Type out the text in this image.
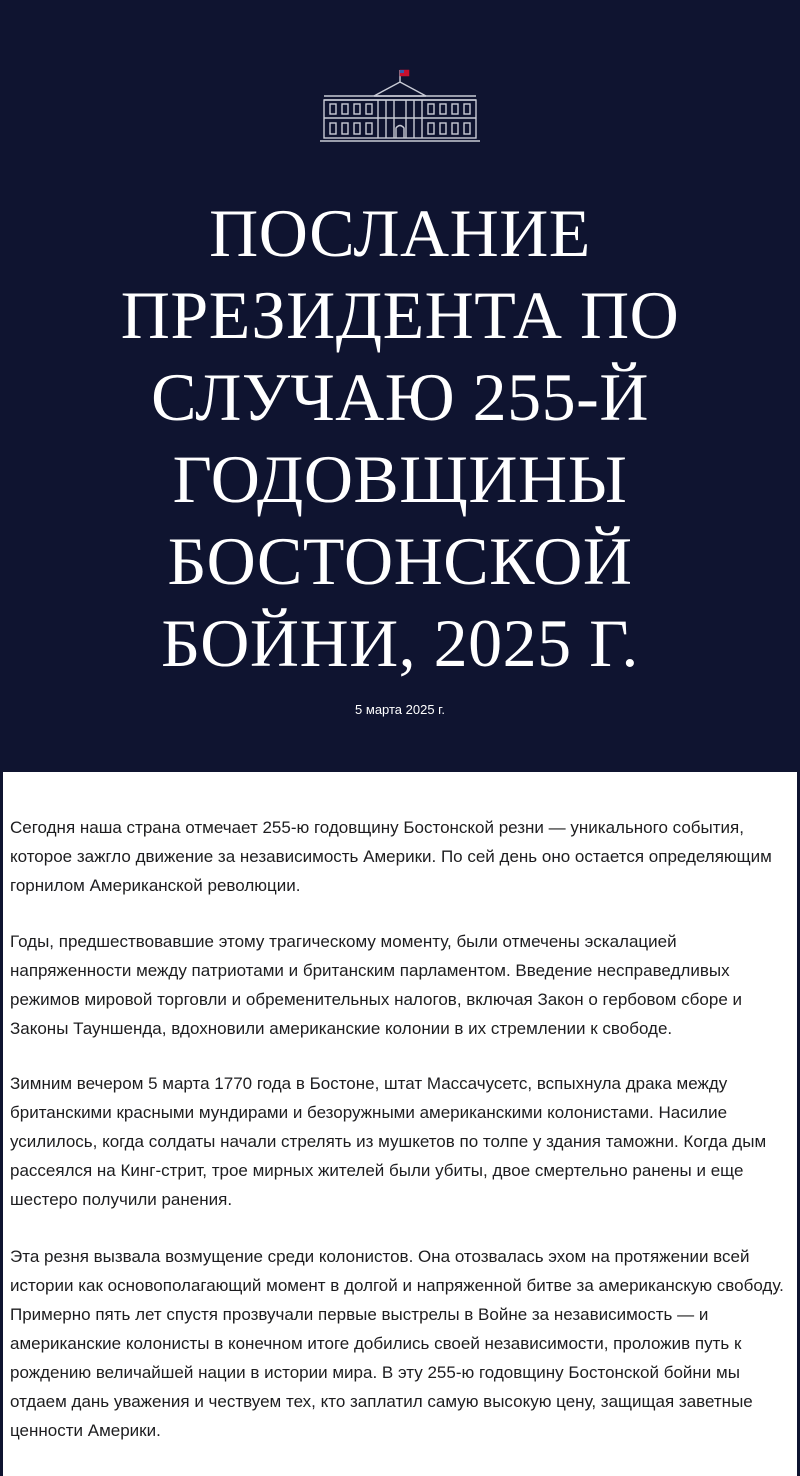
ПОСЛАНИЕ ПРЕЗИДЕНТА ПО СЛУЧАЮ 255-Й ГОДОВЩИНЫ БОСТОНСКОЙ БОЙНИ, 2025 Г.
5 марта 2025 г.

Сегодня наша страна отмечает 255-ю годовщину Бостонской резни — уникального события, которое зажгло движение за независимость Америки. По сей день оно остается определяющим горнилом Американской революции.

Годы, предшествовавшие этому трагическому моменту, были отмечены эскалацией напряженности между патриотами и британским парламентом. Введение несправедливых режимов мировой торговли и обременительных налогов, включая Закон о гербовом сборе и Законы Тауншенда, вдохновили американские колонии в их стремлении к свободе.

Зимним вечером 5 марта 1770 года в Бостоне, штат Массачусетс, вспыхнула драка между британскими красными мундирами и безоружными американскими колонистами. Насилие усилилось, когда солдаты начали стрелять из мушкетов по толпе у здания таможни. Когда дым рассеялся на Кинг-стрит, трое мирных жителей были убиты, двое смертельно ранены и еще шестеро получили ранения.

Эта резня вызвала возмущение среди колонистов. Она отозвалась эхом на протяжении всей истории как основополагающий момент в долгой и напряженной битве за американскую свободу. Примерно пять лет спустя прозвучали первые выстрелы в Войне за независимость — и американские колонисты в конечном итоге добились своей независимости, проложив путь к рождению величайшей нации в истории мира. В эту 255-ю годовщину Бостонской бойни мы отдаем дань уважения и чествуем тех, кто заплатил самую высокую цену, защищая заветные ценности Америки.
